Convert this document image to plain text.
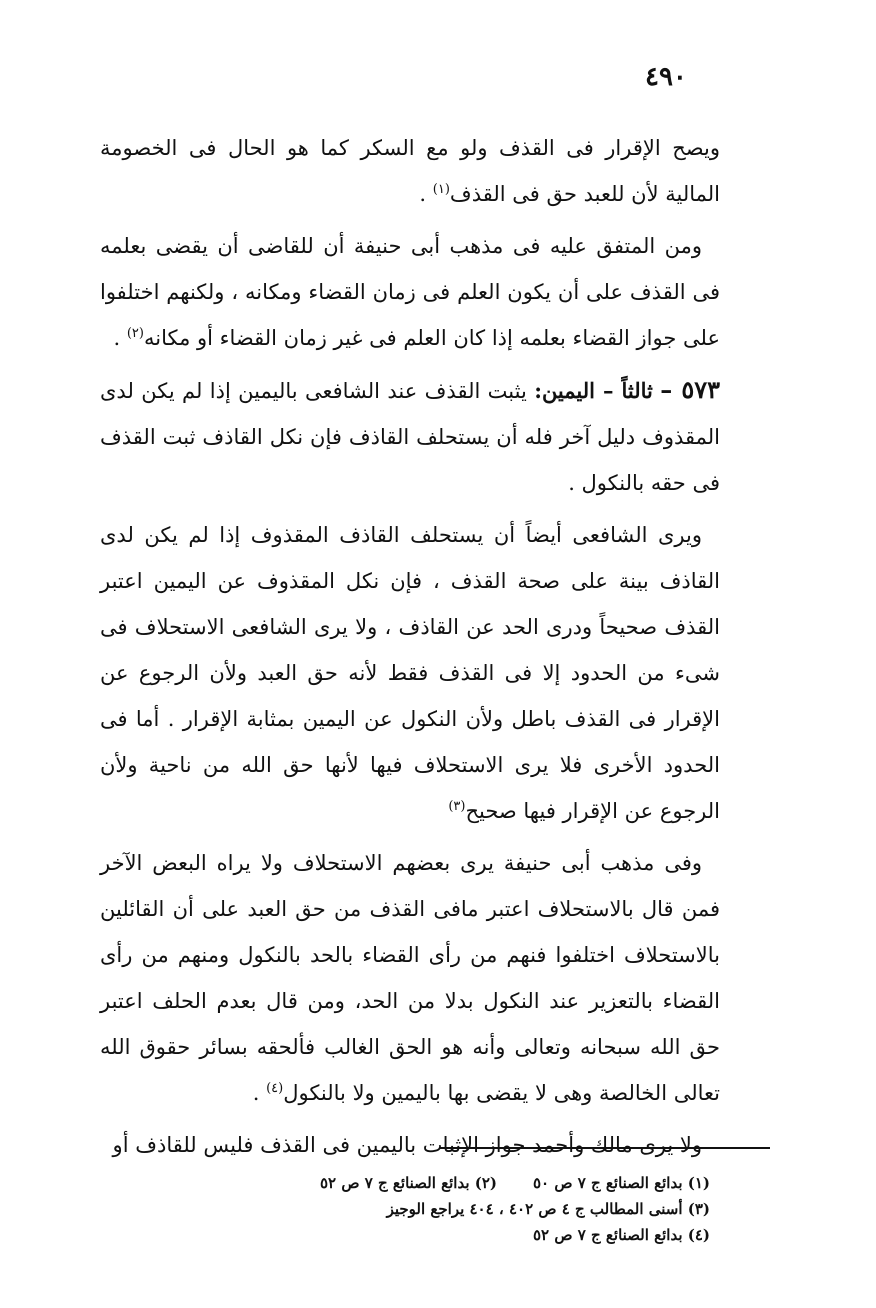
٤٩٠

ويصح الإقرار فى القذف ولو مع السكر كما هو الحال فى الخصومة المالية لأن للعبد حق فى القذف$^{(١)}$ .

ومن المتفق عليه فى مذهب أبى حنيفة أن للقاضى أن يقضى بعلمه فى القذف على أن يكون العلم فى زمان القضاء ومكانه ، ولكنهم اختلفوا على جواز القضاء بعلمه إذا كان العلم فى غير زمان القضاء أو مكانه$^{(٢)}$ .

٥٧٣ – ثالثاً – اليمين: يثبت القذف عند الشافعى باليمين إذا لم يكن لدى المقذوف دليل آخر فله أن يستحلف القاذف فإن نكل القاذف ثبت القذف فى حقه بالنكول .

ويرى الشافعى أيضاً أن يستحلف القاذف المقذوف إذا لم يكن لدى القاذف بينة على صحة القذف ، فإن نكل المقذوف عن اليمين اعتبر القذف صحيحاً ودرى الحد عن القاذف ، ولا يرى الشافعى الاستحلاف فى شىء من الحدود إلا فى القذف فقط لأنه حق العبد ولأن الرجوع عن الإقرار فى القذف باطل ولأن النكول عن اليمين بمثابة الإقرار . أما فى الحدود الأخرى فلا يرى الاستحلاف فيها لأنها حق الله من ناحية ولأن الرجوع عن الإقرار فيها صحيح$^{(٣)}$

وفى مذهب أبى حنيفة يرى بعضهم الاستحلاف ولا يراه البعض الآخر فمن قال بالاستحلاف اعتبر مافى القذف من حق العبد على أن القائلين بالاستحلاف اختلفوا فنهم من رأى القضاء بالحد بالنكول ومنهم من رأى القضاء بالتعزير عند النكول بدلا من الحد، ومن قال بعدم الحلف اعتبر حق الله سبحانه وتعالى وأنه هو الحق الغالب فألحقه بسائر حقوق الله تعالى الخالصة وهى لا يقضى بها باليمين ولا بالنكول$^{(٤)}$ .

ولا يرى مالك وأحمد جواز الإثبات باليمين فى القذف فليس للقاذف أو

(١) بدائع الصنائع ج ٧ ص ٥٠(٢) بدائع الصنائع ج ٧ ص ٥٢
(٣) أسنى المطالب ج ٤ ص ٤٠٢ ، ٤٠٤ يراجع الوجيز
(٤) بدائع الصنائع ج ٧ ص ٥٢
